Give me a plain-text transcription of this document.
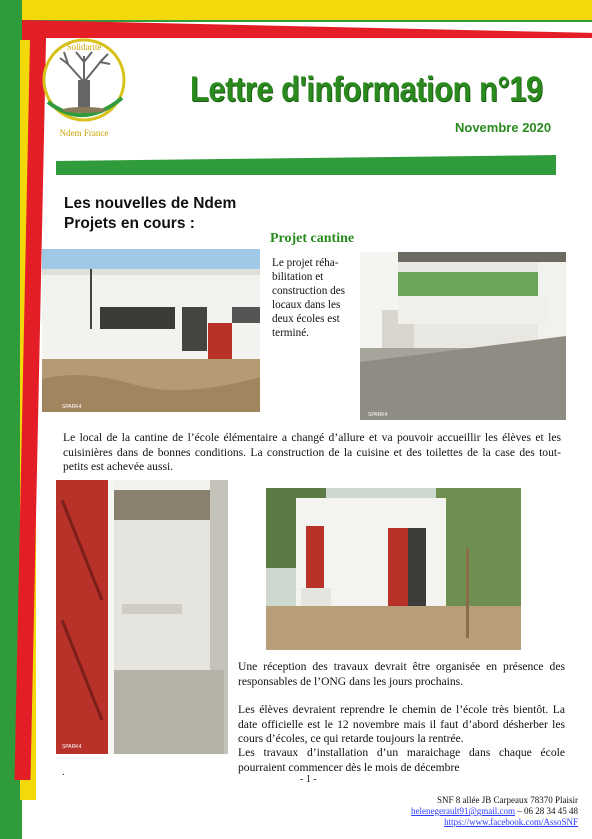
Solidarité
Ndem France
Lettre d'information n°19
Novembre 2020
Les nouvelles de Ndem
Projets en cours :
Projet cantine
SPARK4
Le projet réha-bilitation et construction des locaux dans les deux écoles est terminé.
SPARK4
Le local de la cantine de l’école élémentaire a changé d’allure et va pouvoir accueillir les élèves et les cuisinières dans de bonnes conditions. La construction de la cuisine et des toilettes de la case des tout-petits est achevée aussi.
SPARK4
Une réception des travaux devrait être organisée en présence des responsables de l’ONG dans les jours prochains.
Les élèves devraient reprendre le chemin de l’école très bientôt. La date officielle est le 12 novembre mais il faut d’abord désherber les cours d’écoles, ce qui retarde toujours la rentrée.
Les travaux d’installation d’un maraichage dans chaque école pourraient commencer dès le mois de décembre
.
- 1 -
SNF 8 allée JB Carpeaux 78370 Plaisir
helenegerault91@gmail.com – 06 28 34 45 48
https://www.facebook.com/AssoSNF
